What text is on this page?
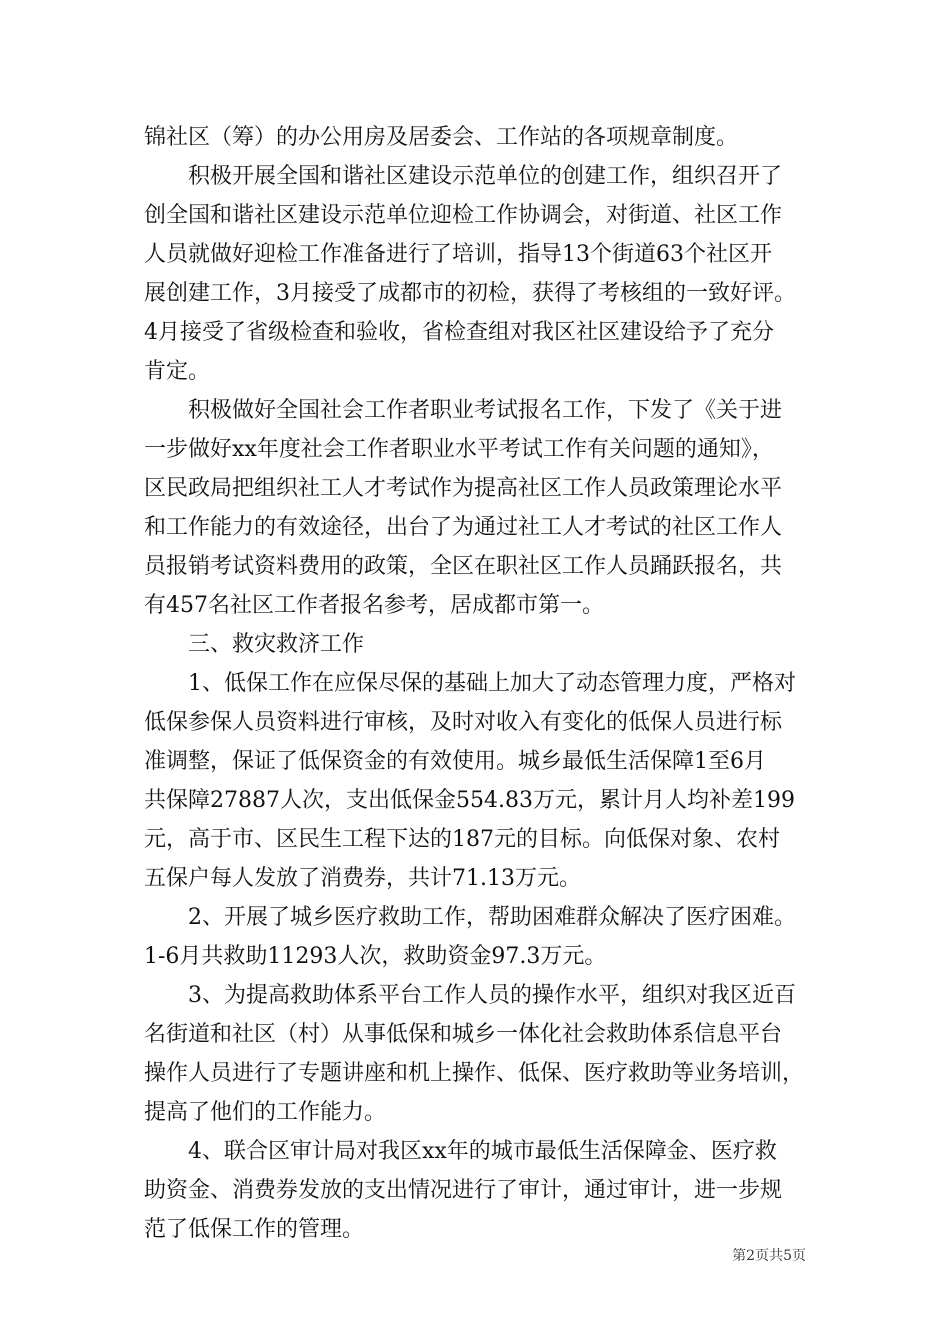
锦社区（筹）的办公用房及居委会、工作站的各项规章制度。
积极开展全国和谐社区建设示范单位的创建工作，组织召开了
创全国和谐社区建设示范单位迎检工作协调会，对街道、社区工作
人员就做好迎检工作准备进行了培训，指导13个街道63个社区开
展创建工作，3月接受了成都市的初检，获得了考核组的一致好评。
4月接受了省级检查和验收，省检查组对我区社区建设给予了充分
肯定。
积极做好全国社会工作者职业考试报名工作，下发了《关于进
一步做好xx年度社会工作者职业水平考试工作有关问题的通知》，
区民政局把组织社工人才考试作为提高社区工作人员政策理论水平
和工作能力的有效途径，出台了为通过社工人才考试的社区工作人
员报销考试资料费用的政策，全区在职社区工作人员踊跃报名，共
有457名社区工作者报名参考，居成都市第一。
三、救灾救济工作
1、低保工作在应保尽保的基础上加大了动态管理力度，严格对
低保参保人员资料进行审核，及时对收入有变化的低保人员进行标
准调整，保证了低保资金的有效使用。城乡最低生活保障1至6月
共保障27887人次，支出低保金554.83万元，累计月人均补差199
元，高于市、区民生工程下达的187元的目标。向低保对象、农村
五保户每人发放了消费券，共计71.13万元。
2、开展了城乡医疗救助工作，帮助困难群众解决了医疗困难。
1-6月共救助11293人次，救助资金97.3万元。
3、为提高救助体系平台工作人员的操作水平，组织对我区近百
名街道和社区（村）从事低保和城乡一体化社会救助体系信息平台
操作人员进行了专题讲座和机上操作、低保、医疗救助等业务培训，
提高了他们的工作能力。
4、联合区审计局对我区xx年的城市最低生活保障金、医疗救
助资金、消费券发放的支出情况进行了审计，通过审计，进一步规
范了低保工作的管理。
第2页共5页
